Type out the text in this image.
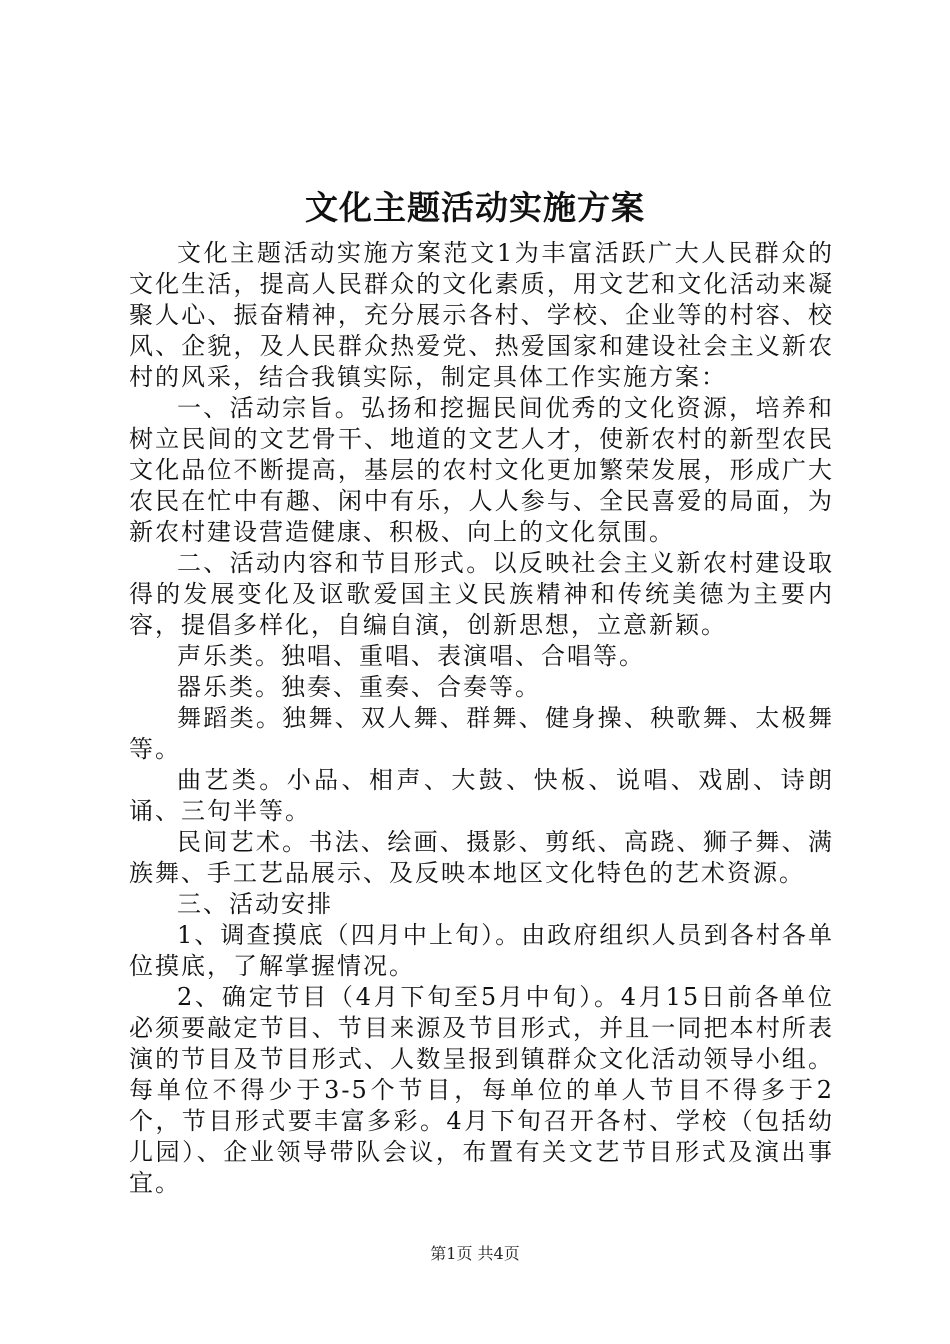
文化主题活动实施方案

文化主题活动实施方案范文1为丰富活跃广大人民群众的文化生活，提高人民群众的文化素质，用文艺和文化活动来凝聚人心、振奋精神，充分展示各村、学校、企业等的村容、校风、企貌，及人民群众热爱党、热爱国家和建设社会主义新农村的风采，结合我镇实际，制定具体工作实施方案：

一、活动宗旨。弘扬和挖掘民间优秀的文化资源，培养和树立民间的文艺骨干、地道的文艺人才，使新农村的新型农民文化品位不断提高，基层的农村文化更加繁荣发展，形成广大农民在忙中有趣、闲中有乐，人人参与、全民喜爱的局面，为新农村建设营造健康、积极、向上的文化氛围。

二、活动内容和节目形式。以反映社会主义新农村建设取得的发展变化及讴歌爱国主义民族精神和传统美德为主要内容，提倡多样化，自编自演，创新思想，立意新颖。

声乐类。独唱、重唱、表演唱、合唱等。

器乐类。独奏、重奏、合奏等。

舞蹈类。独舞、双人舞、群舞、健身操、秧歌舞、太极舞等。

曲艺类。小品、相声、大鼓、快板、说唱、戏剧、诗朗诵、三句半等。

民间艺术。书法、绘画、摄影、剪纸、高跷、狮子舞、满族舞、手工艺品展示、及反映本地区文化特色的艺术资源。

三、活动安排

1、调查摸底（四月中上旬）。由政府组织人员到各村各单位摸底，了解掌握情况。

2、确定节目（4月下旬至5月中旬）。4月15日前各单位必须要敲定节目、节目来源及节目形式，并且一同把本村所表演的节目及节目形式、人数呈报到镇群众文化活动领导小组。每单位不得少于3-5个节目，每单位的单人节目不得多于2个，节目形式要丰富多彩。4月下旬召开各村、学校（包括幼儿园）、企业领导带队会议，布置有关文艺节目形式及演出事宜。

第1页 共4页
